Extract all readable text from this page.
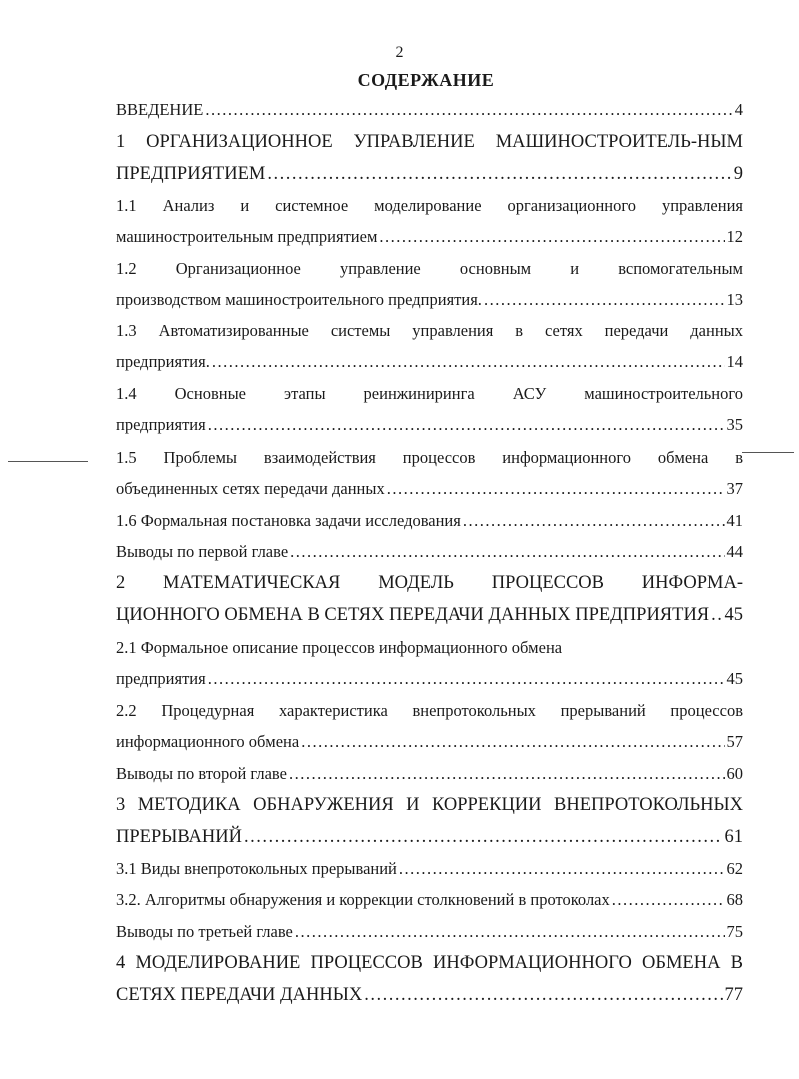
2
СОДЕРЖАНИЕ
ВВЕДЕНИЕ .....	4
1 ОРГАНИЗАЦИОННОЕ УПРАВЛЕНИЕ МАШИНОСТРОИТЕЛЬ-НЫМ
ПРЕДПРИЯТИЕМ .....	9
1.1 Анализ и системное моделирование организационного управления
машиностроительным предприятием .....	12
1.2 Организационное управление основным и вспомогательным
производством машиностроительного предприятия. .....	13
1.3 Автоматизированные системы управления в сетях передачи данных
предприятия. .....	14
1.4 Основные этапы реинжиниринга АСУ машиностроительного
предприятия .....	35
1.5 Проблемы взаимодействия процессов информационного обмена в
объединенных сетях передачи данных .....	37
1.6 Формальная постановка задачи исследования .....	41
Выводы по первой главе .....	44
2 МАТЕМАТИЧЕСКАЯ МОДЕЛЬ ПРОЦЕССОВ ИНФОРМА-
ЦИОННОГО ОБМЕНА В СЕТЯХ ПЕРЕДАЧИ ДАННЫХ ПРЕДПРИЯТИЯ ..... 45
2.1 Формальное описание процессов информационного обмена
предприятия .....	45
2.2 Процедурная характеристика внепротокольных прерываний процессов
информационного обмена .....	57
Выводы по второй главе .....	60
3 МЕТОДИКА ОБНАРУЖЕНИЯ И КОРРЕКЦИИ ВНЕПРОТОКОЛЬНЫХ
ПРЕРЫВАНИЙ .....	61
3.1 Виды внепротокольных прерываний .....	62
3.2. Алгоритмы обнаружения и коррекции столкновений в протоколах .....	68
Выводы по третьей главе .....	75
4 МОДЕЛИРОВАНИЕ ПРОЦЕССОВ ИНФОРМАЦИОННОГО ОБМЕНА В
СЕТЯХ ПЕРЕДАЧИ ДАННЫХ .....	77
